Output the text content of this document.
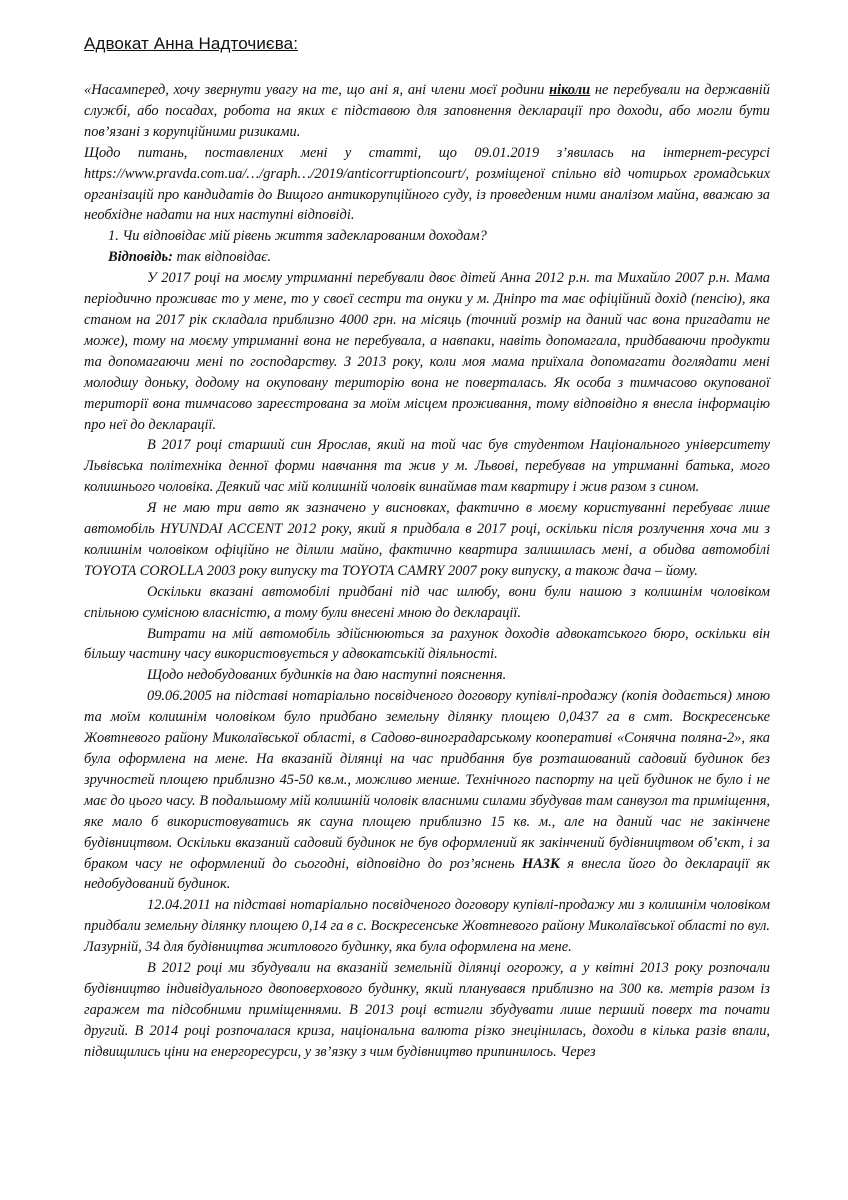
Адвокат Анна Надточиєва:

«Насамперед, хочу звернути увагу на те, що ані я, ані члени моєї родини ніколи не перебували на державній службі, або посадах, робота на яких є підставою для заповнення декларації про доходи, або могли бути пов’язані з корупційними ризиками.

Щодо питань, поставлених мені у статті, що 09.01.2019 з’явилась на інтернет-ресурсі https://www.pravda.com.ua/…/graph…/2019/anticorruptioncourt/, розміщеної спільно від чотирьох громадських організацій про кандидатів до Вищого антикорупційного суду, із проведеним ними аналізом майна, вважаю за необхідне надати на них наступні відповіді.

1. Чи відповідає мій рівень життя задекларованим доходам?

Відповідь: так відповідає.

У 2017 році на моєму утриманні перебували двоє дітей Анна 2012 р.н. та Михайло 2007 р.н. Мама періодично проживає то у мене, то у своєї сестри та онуки у м. Дніпро та має офіційний дохід (пенсію), яка станом на 2017 рік складала приблизно 4000 грн. на місяць (точний розмір на даний час вона пригадати не може), тому на моєму утриманні вона не перебувала, а навпаки, навіть допомагала, придбаваючи продукти та допомагаючи мені по господарству. З 2013 року, коли моя мама приїхала допомагати доглядати мені молодшу доньку, додому на окуповану територію вона не поверталась. Як особа з тимчасово окупованої території вона тимчасово зареєстрована за моїм місцем проживання, тому відповідно я внесла інформацію про неї до декларації.

В 2017 році старший син Ярослав, який на той час був студентом Національного університету Львівська політехніка денної форми навчання та жив у м. Львові, перебував на утриманні батька, мого колишнього чоловіка. Деякий час мій колишній чоловік винаймав там квартиру і жив разом з сином.

Я не маю три авто як зазначено у висновках, фактично в моєму користуванні перебуває лише автомобіль HYUNDAI ACCENT 2012 року, який я придбала в 2017 році, оскільки після розлучення хоча ми з колишнім чоловіком офіційно не ділили майно, фактично квартира залишилась мені, а обидва автомобілі TOYOTA COROLLA 2003 року випуску та TOYOTA CAMRY 2007 року випуску, а також дача – йому.

Оскільки вказані автомобілі придбані під час шлюбу, вони були нашою з колишнім чоловіком спільною сумісною власністю, а тому були внесені мною до декларації.

Витрати на мій автомобіль здійснюються за рахунок доходів адвокатського бюро, оскільки він більшу частину часу використовується у адвокатській діяльності.

Щодо недобудованих будинків на даю наступні пояснення.

09.06.2005 на підставі нотаріально посвідченого договору купівлі-продажу (копія додається) мною та моїм колишнім чоловіком було придбано земельну ділянку площею 0,0437 га в смт. Воскресенське Жовтневого району Миколаївської області, в Садово-виноградарському кооперативі «Сонячна поляна-2», яка була оформлена на мене. На вказаній ділянці на час придбання був розташований садовий будинок без зручностей площею приблизно 45-50 кв.м., можливо менше. Технічного паспорту на цей будинок не було і не має до цього часу. В подальшому мій колишній чоловік власними силами збудував там санвузол та приміщення, яке мало б використовуватись як сауна площею приблизно 15 кв. м., але на даний час не закінчене будівництвом. Оскільки вказаний садовий будинок не був оформлений як закінчений будівництвом об’єкт, і за браком часу не оформлений до сьогодні, відповідно до роз’яснень НАЗК я внесла його до декларації як недобудований будинок.

12.04.2011 на підставі нотаріально посвідченого договору купівлі-продажу ми з колишнім чоловіком придбали земельну ділянку площею 0,14 га в с. Воскресенське Жовтневого району Миколаївської області по вул. Лазурній, 34 для будівництва житлового будинку, яка була оформлена на мене.

В 2012 році ми збудували на вказаній земельній ділянці огорожу, а у квітні 2013 року розпочали будівництво індивідуального двоповерхового будинку, який планувався приблизно на 300 кв. метрів разом із гаражем та підсобними приміщеннями. В 2013 році встигли збудувати лише перший поверх та почати другий. В 2014 році розпочалася криза, національна валюта різко знецінилась, доходи в кілька разів впали, підвищились ціни на енергоресурси, у зв’язку з чим будівництво припинилось. Через
